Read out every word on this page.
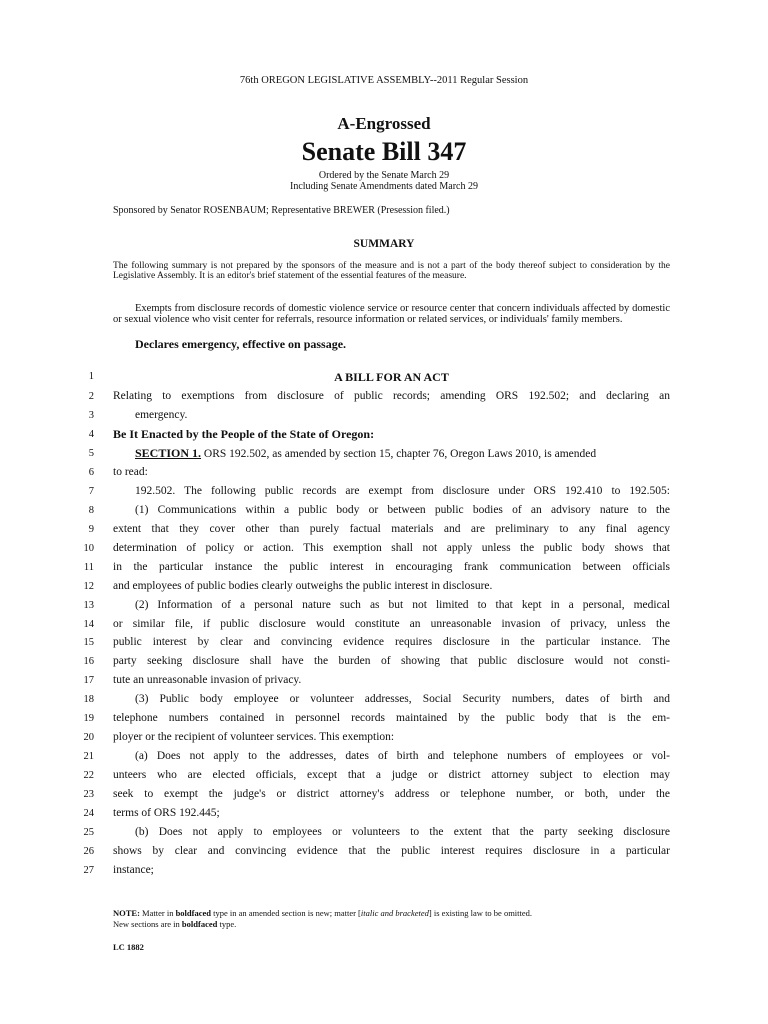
76th OREGON LEGISLATIVE ASSEMBLY--2011 Regular Session
A-Engrossed
Senate Bill 347
Ordered by the Senate March 29
Including Senate Amendments dated March 29
Sponsored by Senator ROSENBAUM; Representative BREWER (Presession filed.)
SUMMARY
The following summary is not prepared by the sponsors of the measure and is not a part of the body thereof subject to consideration by the Legislative Assembly. It is an editor's brief statement of the essential features of the measure.
Exempts from disclosure records of domestic violence service or resource center that concern individuals affected by domestic or sexual violence who visit center for referrals, resource information or related services, or individuals' family members.
Declares emergency, effective on passage.
1	A BILL FOR AN ACT
2 Relating to exemptions from disclosure of public records; amending ORS 192.502; and declaring an
3	emergency.
4 Be It Enacted by the People of the State of Oregon:
5	SECTION 1. ORS 192.502, as amended by section 15, chapter 76, Oregon Laws 2010, is amended
6 to read:
7	192.502. The following public records are exempt from disclosure under ORS 192.410 to 192.505:
8	(1) Communications within a public body or between public bodies of an advisory nature to the
9 extent that they cover other than purely factual materials and are preliminary to any final agency
10 determination of policy or action. This exemption shall not apply unless the public body shows that
11 in the particular instance the public interest in encouraging frank communication between officials
12 and employees of public bodies clearly outweighs the public interest in disclosure.
13	(2) Information of a personal nature such as but not limited to that kept in a personal, medical
14 or similar file, if public disclosure would constitute an unreasonable invasion of privacy, unless the
15 public interest by clear and convincing evidence requires disclosure in the particular instance. The
16 party seeking disclosure shall have the burden of showing that public disclosure would not consti-
17 tute an unreasonable invasion of privacy.
18	(3) Public body employee or volunteer addresses, Social Security numbers, dates of birth and
19 telephone numbers contained in personnel records maintained by the public body that is the em-
20 ployer or the recipient of volunteer services. This exemption:
21	(a) Does not apply to the addresses, dates of birth and telephone numbers of employees or vol-
22 unteers who are elected officials, except that a judge or district attorney subject to election may
23 seek to exempt the judge's or district attorney's address or telephone number, or both, under the
24 terms of ORS 192.445;
25	(b) Does not apply to employees or volunteers to the extent that the party seeking disclosure
26 shows by clear and convincing evidence that the public interest requires disclosure in a particular
27 instance;
NOTE: Matter in boldfaced type in an amended section is new; matter [italic and bracketed] is existing law to be omitted.
New sections are in boldfaced type.
LC 1882
